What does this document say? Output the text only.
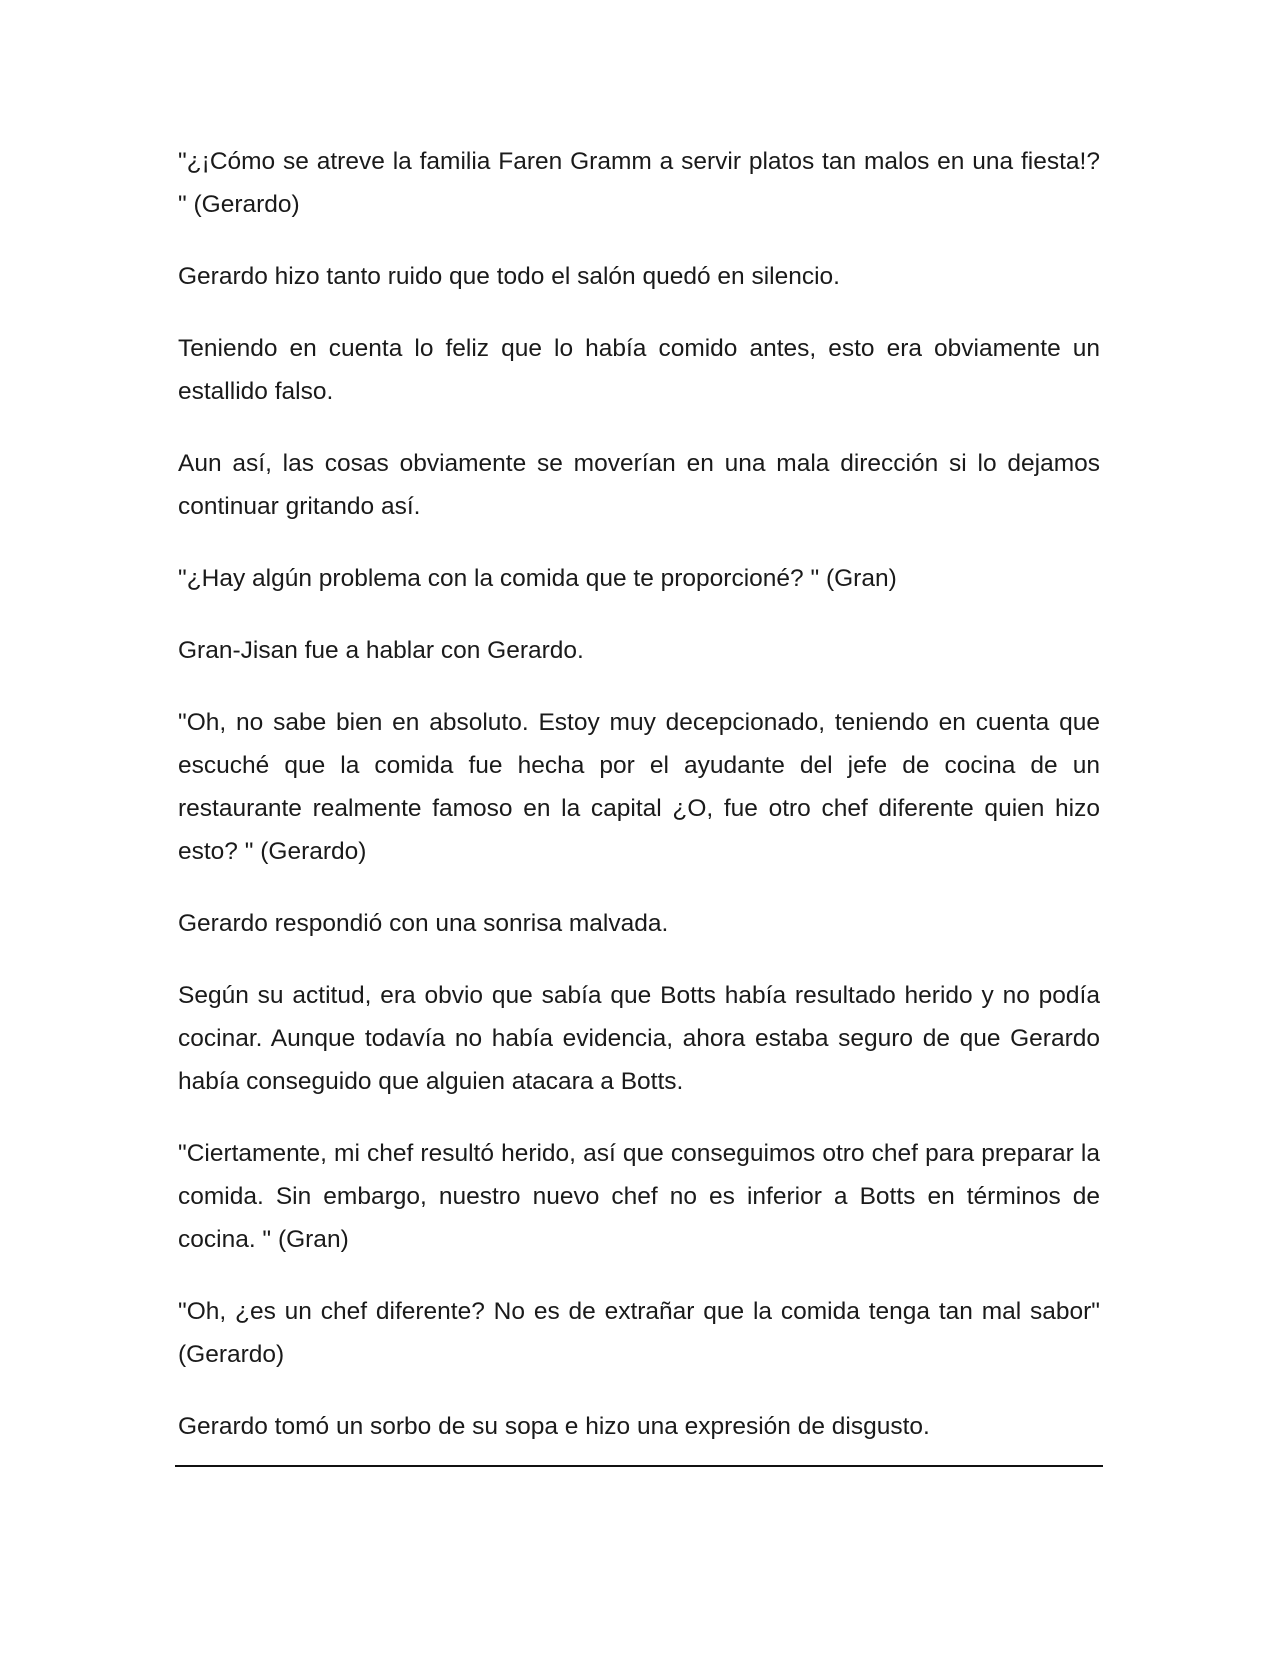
"¿¡Cómo se atreve la familia Faren Gramm a servir platos tan malos en una fiesta!? " (Gerardo)

Gerardo hizo tanto ruido que todo el salón quedó en silencio.

Teniendo en cuenta lo feliz que lo había comido antes, esto era obviamente un estallido falso.

Aun así, las cosas obviamente se moverían en una mala dirección si lo dejamos continuar gritando así.

"¿Hay algún problema con la comida que te proporcioné? " (Gran)

Gran-Jisan fue a hablar con Gerardo.

"Oh, no sabe bien en absoluto. Estoy muy decepcionado, teniendo en cuenta que escuché que la comida fue hecha por el ayudante del jefe de cocina de un restaurante realmente famoso en la capital ¿O, fue otro chef diferente quien hizo esto? " (Gerardo)

Gerardo respondió con una sonrisa malvada.

Según su actitud, era obvio que sabía que Botts había resultado herido y no podía cocinar. Aunque todavía no había evidencia, ahora estaba seguro de que Gerardo había conseguido que alguien atacara a Botts.

"Ciertamente, mi chef resultó herido, así que conseguimos otro chef para preparar la comida. Sin embargo, nuestro nuevo chef no es inferior a Botts en términos de cocina. " (Gran)

"Oh, ¿es un chef diferente? No es de extrañar que la comida tenga tan mal sabor" (Gerardo)

Gerardo tomó un sorbo de su sopa e hizo una expresión de disgusto.
